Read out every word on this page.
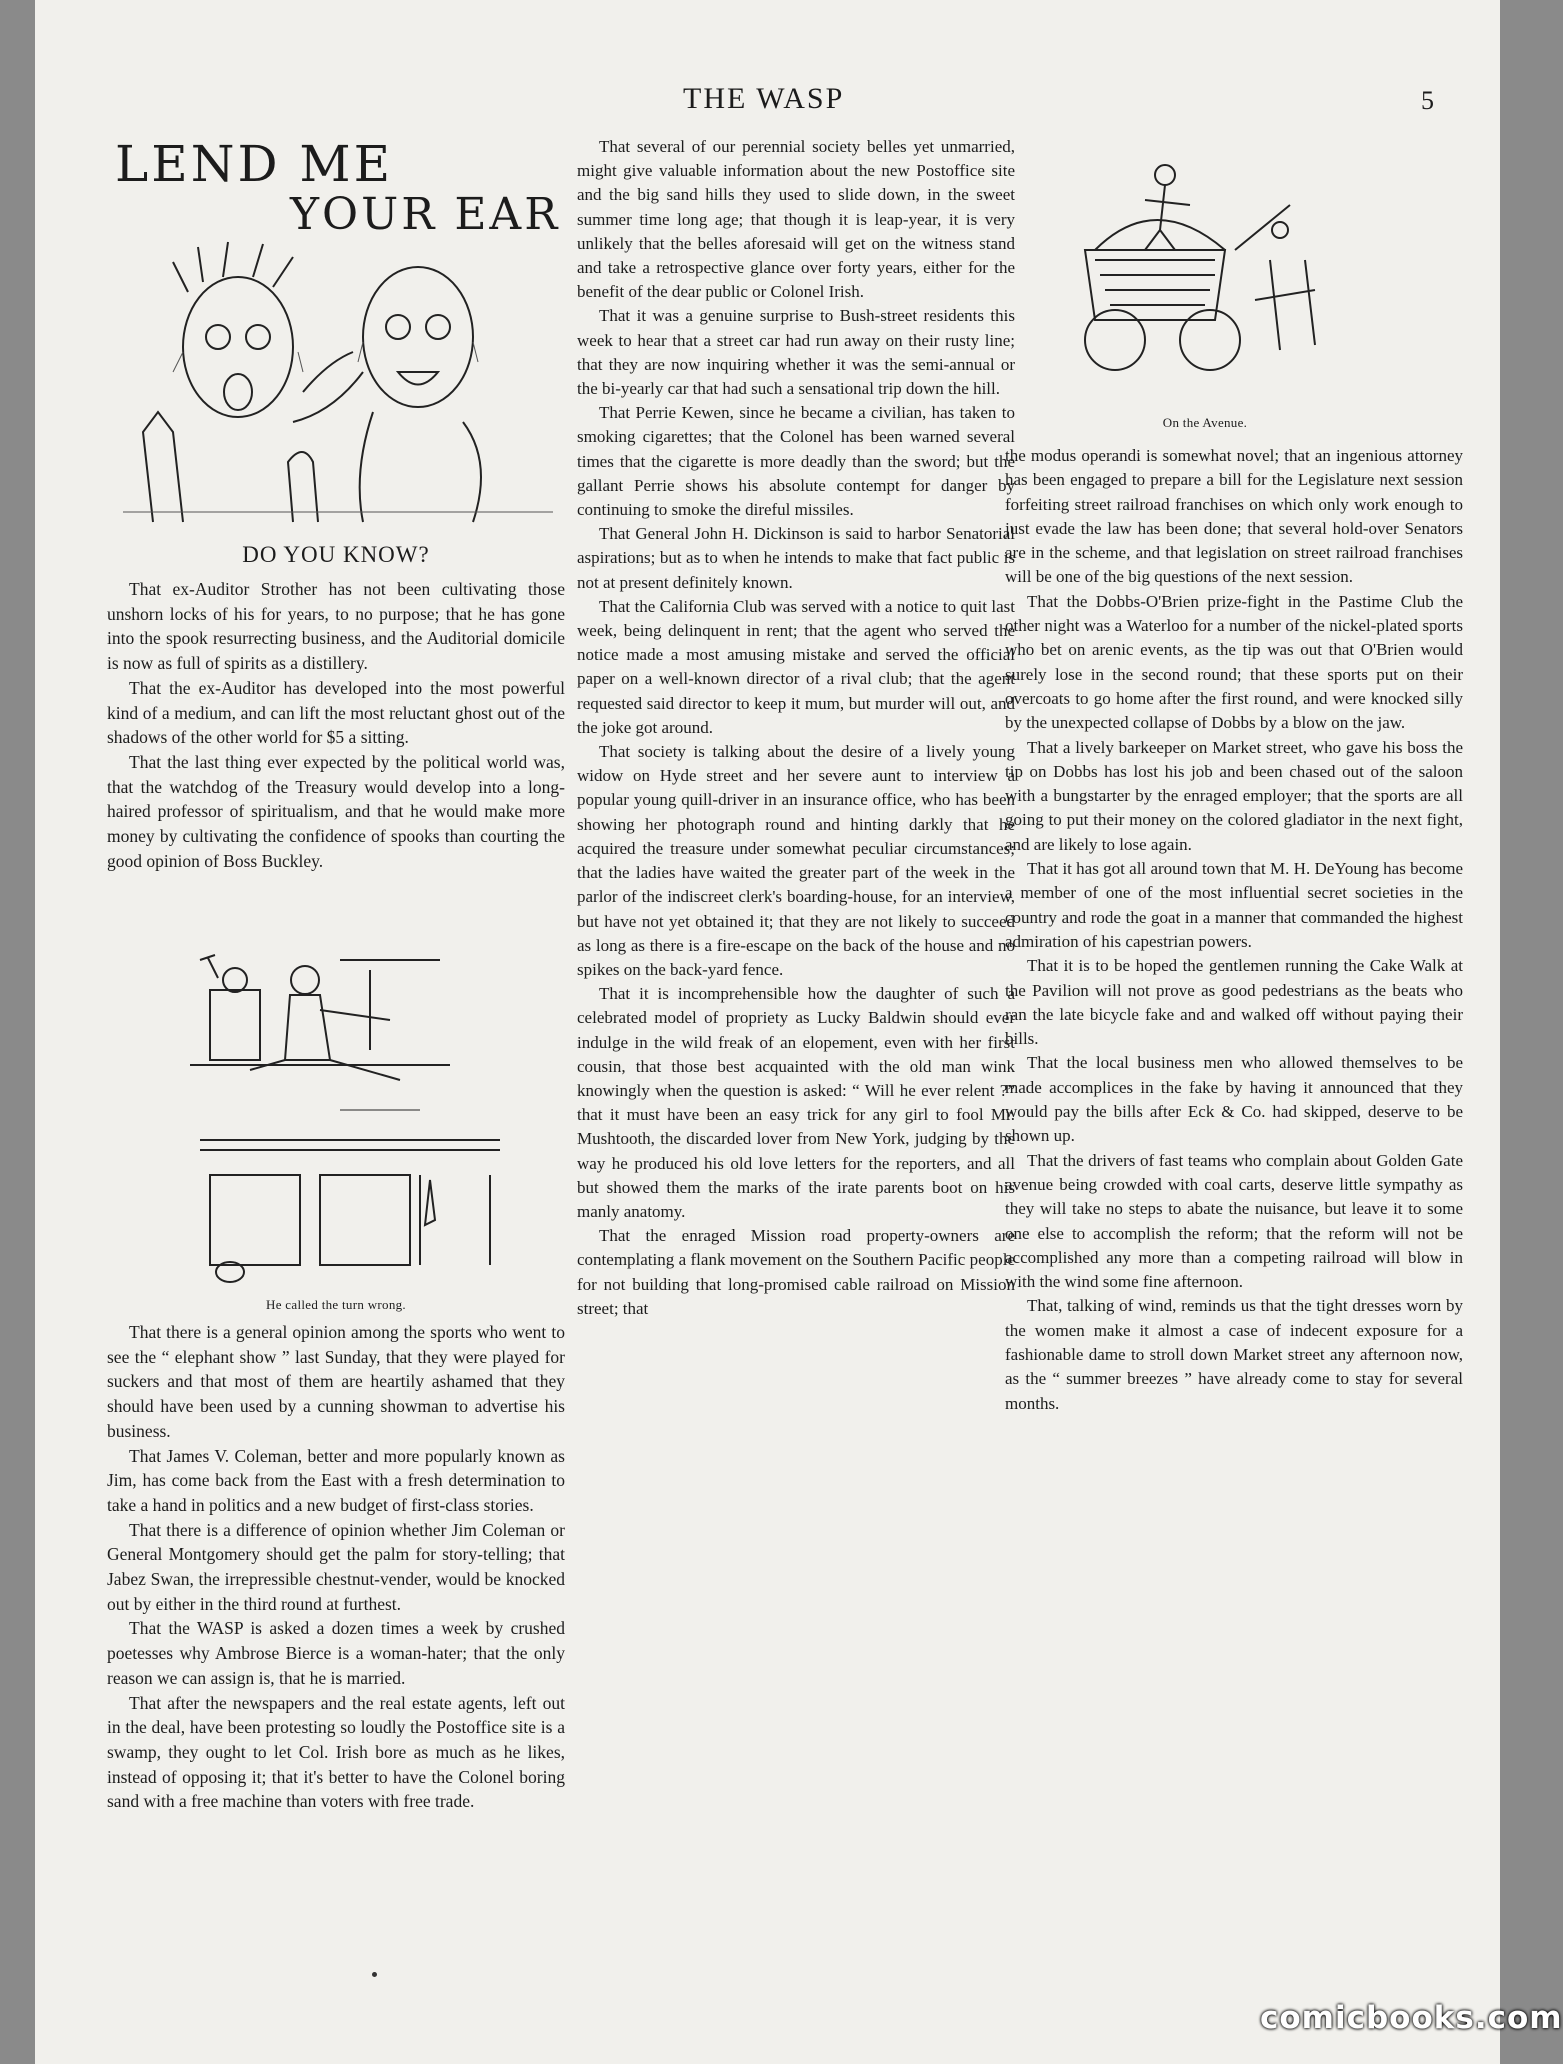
THE WASP	5
LEND ME
YOUR EAR
DO YOU KNOW?

That ex-Auditor Strother has not been cultivating those unshorn locks of his for years, to no purpose; that he has gone into the spook resurrecting business, and the Auditorial domicile is now as full of spirits as a distillery.

That the ex-Auditor has developed into the most powerful kind of a medium, and can lift the most reluctant ghost out of the shadows of the other world for $5 a sitting.

That the last thing ever expected by the political world was, that the watchdog of the Treasury would develop into a long-haired professor of spiritualism, and that he would make more money by cultivating the confidence of spooks than courting the good opinion of Boss Buckley.

He called the turn wrong.

That there is a general opinion among the sports who went to see the “ elephant show ” last Sunday, that they were played for suckers and that most of them are heartily ashamed that they should have been used by a cunning showman to advertise his business.

That James V. Coleman, better and more popularly known as Jim, has come back from the East with a fresh determination to take a hand in politics and a new budget of first-class stories.

That there is a difference of opinion whether Jim Coleman or General Montgomery should get the palm for story-telling; that Jabez Swan, the irrepressible chestnut-vender, would be knocked out by either in the third round at furthest.

That the WASP is asked a dozen times a week by crushed poetesses why Ambrose Bierce is a woman-hater; that the only reason we can assign is, that he is married.

That after the newspapers and the real estate agents, left out in the deal, have been protesting so loudly the Postoffice site is a swamp, they ought to let Col. Irish bore as much as he likes, instead of opposing it; that it's better to have the Colonel boring sand with a free machine than voters with free trade.

That several of our perennial society belles yet unmarried, might give valuable information about the new Postoffice site and the big sand hills they used to slide down, in the sweet summer time long age; that though it is leap-year, it is very unlikely that the belles aforesaid will get on the witness stand and take a retrospective glance over forty years, either for the benefit of the dear public or Colonel Irish.

That it was a genuine surprise to Bush-street residents this week to hear that a street car had run away on their rusty line; that they are now inquiring whether it was the semi-annual or the bi-yearly car that had such a sensational trip down the hill.

That Perrie Kewen, since he became a civilian, has taken to smoking cigarettes; that the Colonel has been warned several times that the cigarette is more deadly than the sword; but the gallant Perrie shows his absolute contempt for danger by continuing to smoke the direful missiles.

That General John H. Dickinson is said to harbor Senatorial aspirations; but as to when he intends to make that fact public is not at present definitely known.

That the California Club was served with a notice to quit last week, being delinquent in rent; that the agent who served the notice made a most amusing mistake and served the official paper on a well-known director of a rival club; that the agent requested said director to keep it mum, but murder will out, and the joke got around.

That society is talking about the desire of a lively young widow on Hyde street and her severe aunt to interview a popular young quill-driver in an insurance office, who has been showing her photograph round and hinting darkly that he acquired the treasure under somewhat peculiar circumstances; that the ladies have waited the greater part of the week in the parlor of the indiscreet clerk's boarding-house, for an interview, but have not yet obtained it; that they are not likely to succeed as long as there is a fire-escape on the back of the house and no spikes on the back-yard fence.

That it is incomprehensible how the daughter of such a celebrated model of propriety as Lucky Baldwin should ever indulge in the wild freak of an elopement, even with her first cousin, that those best acquainted with the old man wink knowingly when the question is asked: “ Will he ever relent ?” that it must have been an easy trick for any girl to fool Mr. Mushtooth, the discarded lover from New York, judging by the way he produced his old love letters for the reporters, and all but showed them the marks of the irate parents boot on his manly anatomy.

That the enraged Mission road property-owners are contemplating a flank movement on the Southern Pacific people for not building that long-promised cable railroad on Mission street; that

On the Avenue.

the modus operandi is somewhat novel; that an ingenious attorney has been engaged to prepare a bill for the Legislature next session forfeiting street railroad franchises on which only work enough to just evade the law has been done; that several hold-over Senators are in the scheme, and that legislation on street railroad franchises will be one of the big questions of the next session.

That the Dobbs-O'Brien prize-fight in the Pastime Club the other night was a Waterloo for a number of the nickel-plated sports who bet on arenic events, as the tip was out that O'Brien would surely lose in the second round; that these sports put on their overcoats to go home after the first round, and were knocked silly by the unexpected collapse of Dobbs by a blow on the jaw.

That a lively barkeeper on Market street, who gave his boss the tip on Dobbs has lost his job and been chased out of the saloon with a bungstarter by the enraged employer; that the sports are all going to put their money on the colored gladiator in the next fight, and are likely to lose again.

That it has got all around town that M. H. DeYoung has become a member of one of the most influential secret societies in the country and rode the goat in a manner that commanded the highest admiration of his capestrian powers.

That it is to be hoped the gentlemen running the Cake Walk at the Pavilion will not prove as good pedestrians as the beats who ran the late bicycle fake and and walked off without paying their bills.

That the local business men who allowed themselves to be made accomplices in the fake by having it announced that they would pay the bills after Eck & Co. had skipped, deserve to be shown up.

That the drivers of fast teams who complain about Golden Gate avenue being crowded with coal carts, deserve little sympathy as they will take no steps to abate the nuisance, but leave it to some one else to accomplish the reform; that the reform will not be accomplished any more than a competing railroad will blow in with the wind some fine afternoon.

That, talking of wind, reminds us that the tight dresses worn by the women make it almost a case of indecent exposure for a fashionable dame to stroll down Market street any afternoon now, as the “ summer breezes ” have already come to stay for several months.

comicbooks.com
